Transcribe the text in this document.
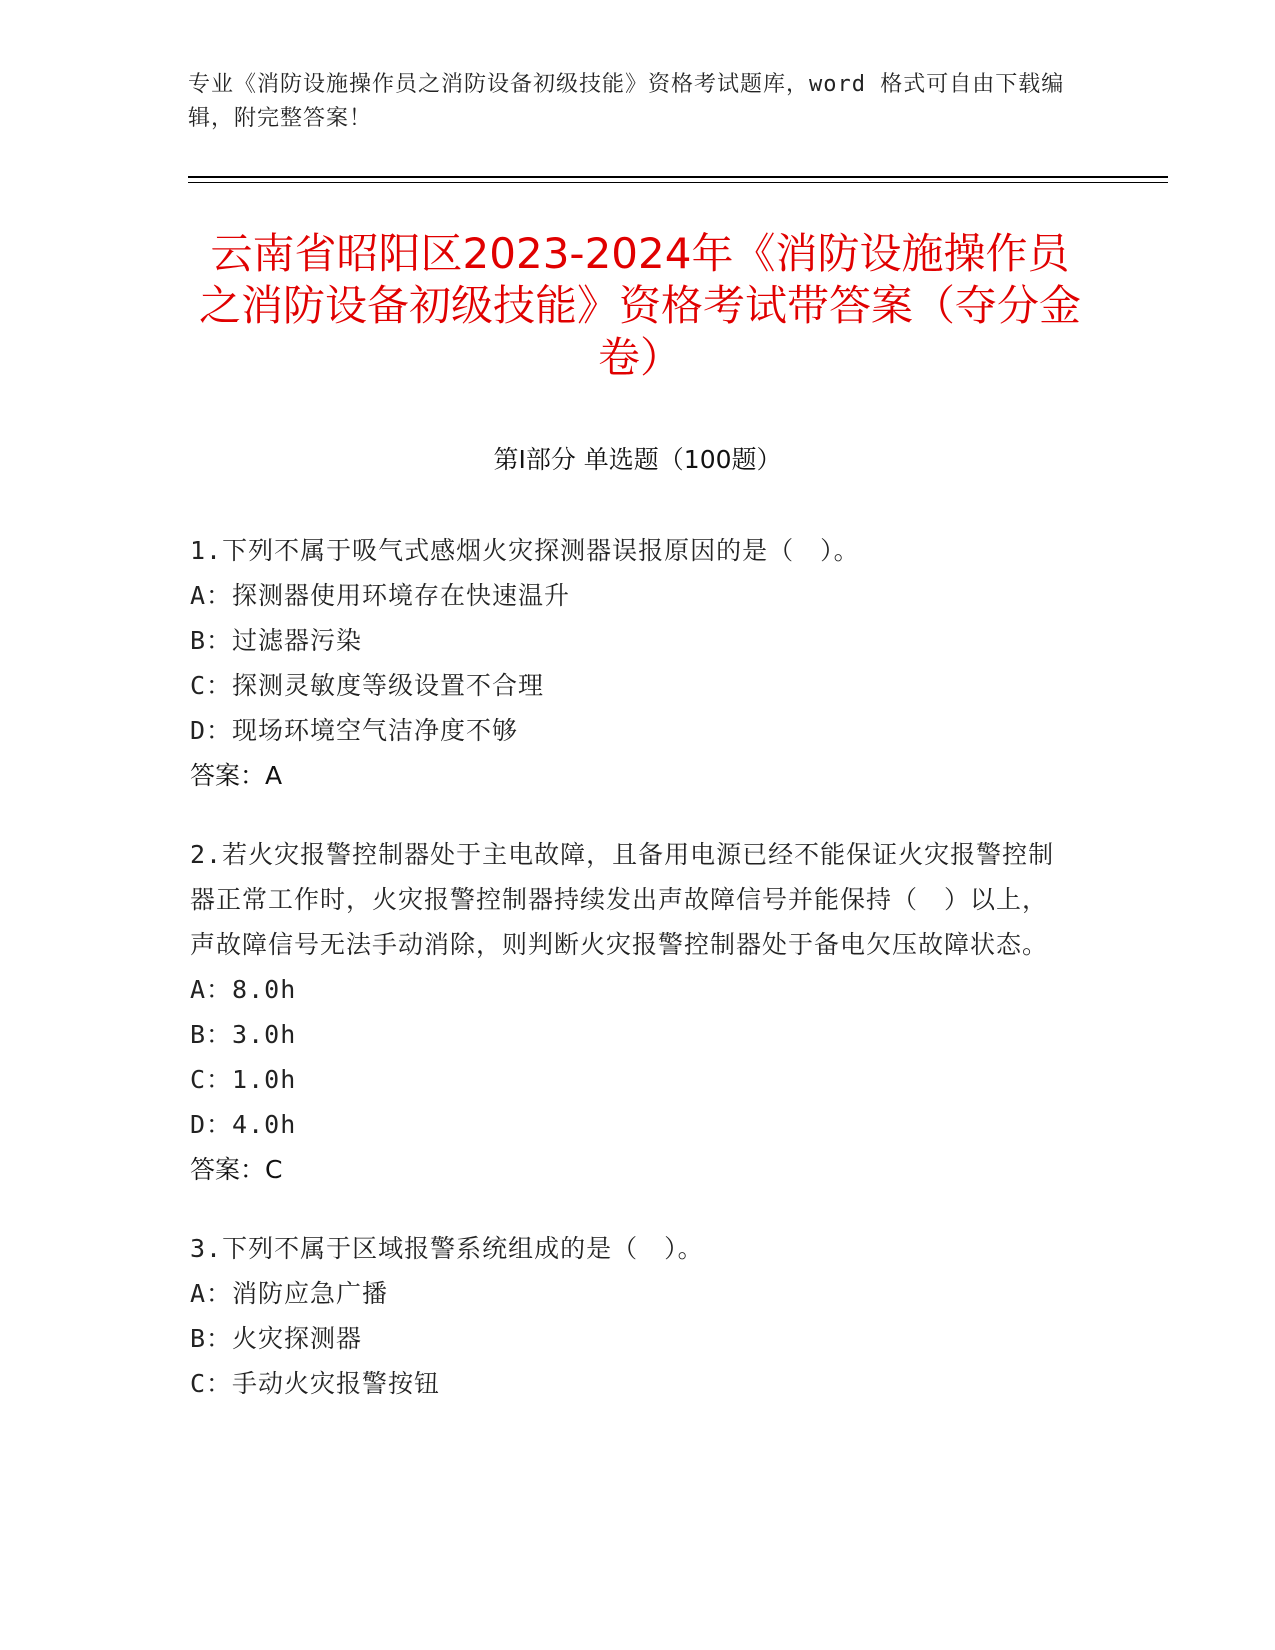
专业《消防设施操作员之消防设备初级技能》资格考试题库，word 格式可自由下载编辑，附完整答案！
云南省昭阳区2023-2024年《消防设施操作员之消防设备初级技能》资格考试带答案（夺分金卷）
第Ⅰ部分 单选题（100题）
1.下列不属于吸气式感烟火灾探测器误报原因的是（　）。
A：探测器使用环境存在快速温升
B：过滤器污染
C：探测灵敏度等级设置不合理
D：现场环境空气洁净度不够
答案：A
2.若火灾报警控制器处于主电故障，且备用电源已经不能保证火灾报警控制器正常工作时，火灾报警控制器持续发出声故障信号并能保持（　）以上，声故障信号无法手动消除，则判断火灾报警控制器处于备电欠压故障状态。
A：8.0h
B：3.0h
C：1.0h
D：4.0h
答案：C
3.下列不属于区域报警系统组成的是（　）。
A：消防应急广播
B：火灾探测器
C：手动火灾报警按钮
